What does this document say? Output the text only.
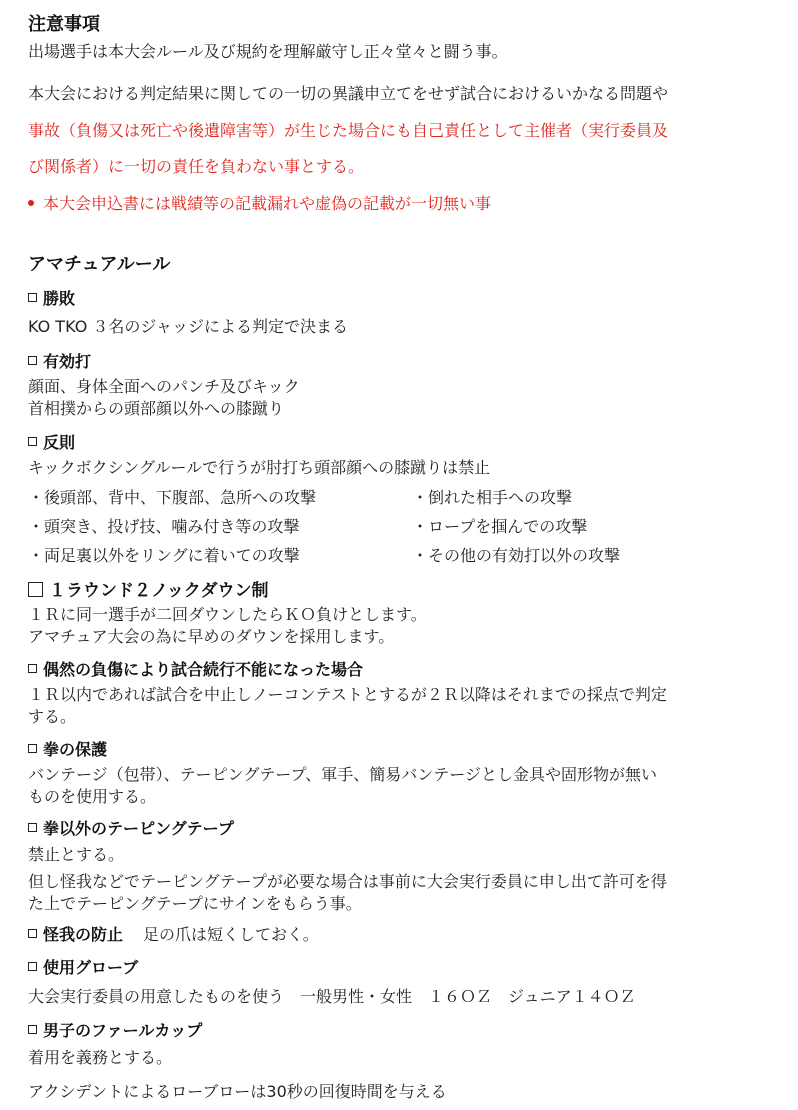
注意事項
出場選手は本大会ルール及び規約を理解厳守し正々堂々と闘う事。
本大会における判定結果に関しての一切の異議申立てをせず試合におけるいかなる問題や
事故（負傷又は死亡や後遺障害等）が生じた場合にも自己責任として主催者（実行委員及
び関係者）に一切の責任を負わない事とする。
本大会申込書には戦績等の記載漏れや虚偽の記載が一切無い事
アマチュアルール
勝敗
KO TKO ３名のジャッジによる判定で決まる
有効打
顔面、身体全面へのパンチ及びキック
首相撲からの頭部顔以外への膝蹴り
反則
キックボクシングルールで行うが肘打ち頭部顔への膝蹴りは禁止
・後頭部、背中、下腹部、急所への攻撃	・倒れた相手への攻撃
・頭突き、投げ技、噛み付き等の攻撃	・ロープを掴んでの攻撃
・両足裏以外をリングに着いての攻撃	・その他の有効打以外の攻撃
１ラウンド２ノックダウン制
１Ｒに同一選手が二回ダウンしたらＫＯ負けとします。
アマチュア大会の為に早めのダウンを採用します。
偶然の負傷により試合続行不能になった場合
１Ｒ以内であれば試合を中止しノーコンテストとするが２Ｒ以降はそれまでの採点で判定
する。
拳の保護
バンテージ（包帯）、テーピングテープ、軍手、簡易バンテージとし金具や固形物が無い
ものを使用する。
拳以外のテーピングテープ
禁止とする。
但し怪我などでテーピングテープが必要な場合は事前に大会実行委員に申し出て許可を得
た上でテーピングテープにサインをもらう事。
怪我の防止 足の爪は短くしておく。
使用グローブ
大会実行委員の用意したものを使う　一般男性・女性　１６ＯＺ　ジュニア１４ＯＺ
男子のファールカップ
着用を義務とする。
アクシデントによるローブローは30秒の回復時間を与える
